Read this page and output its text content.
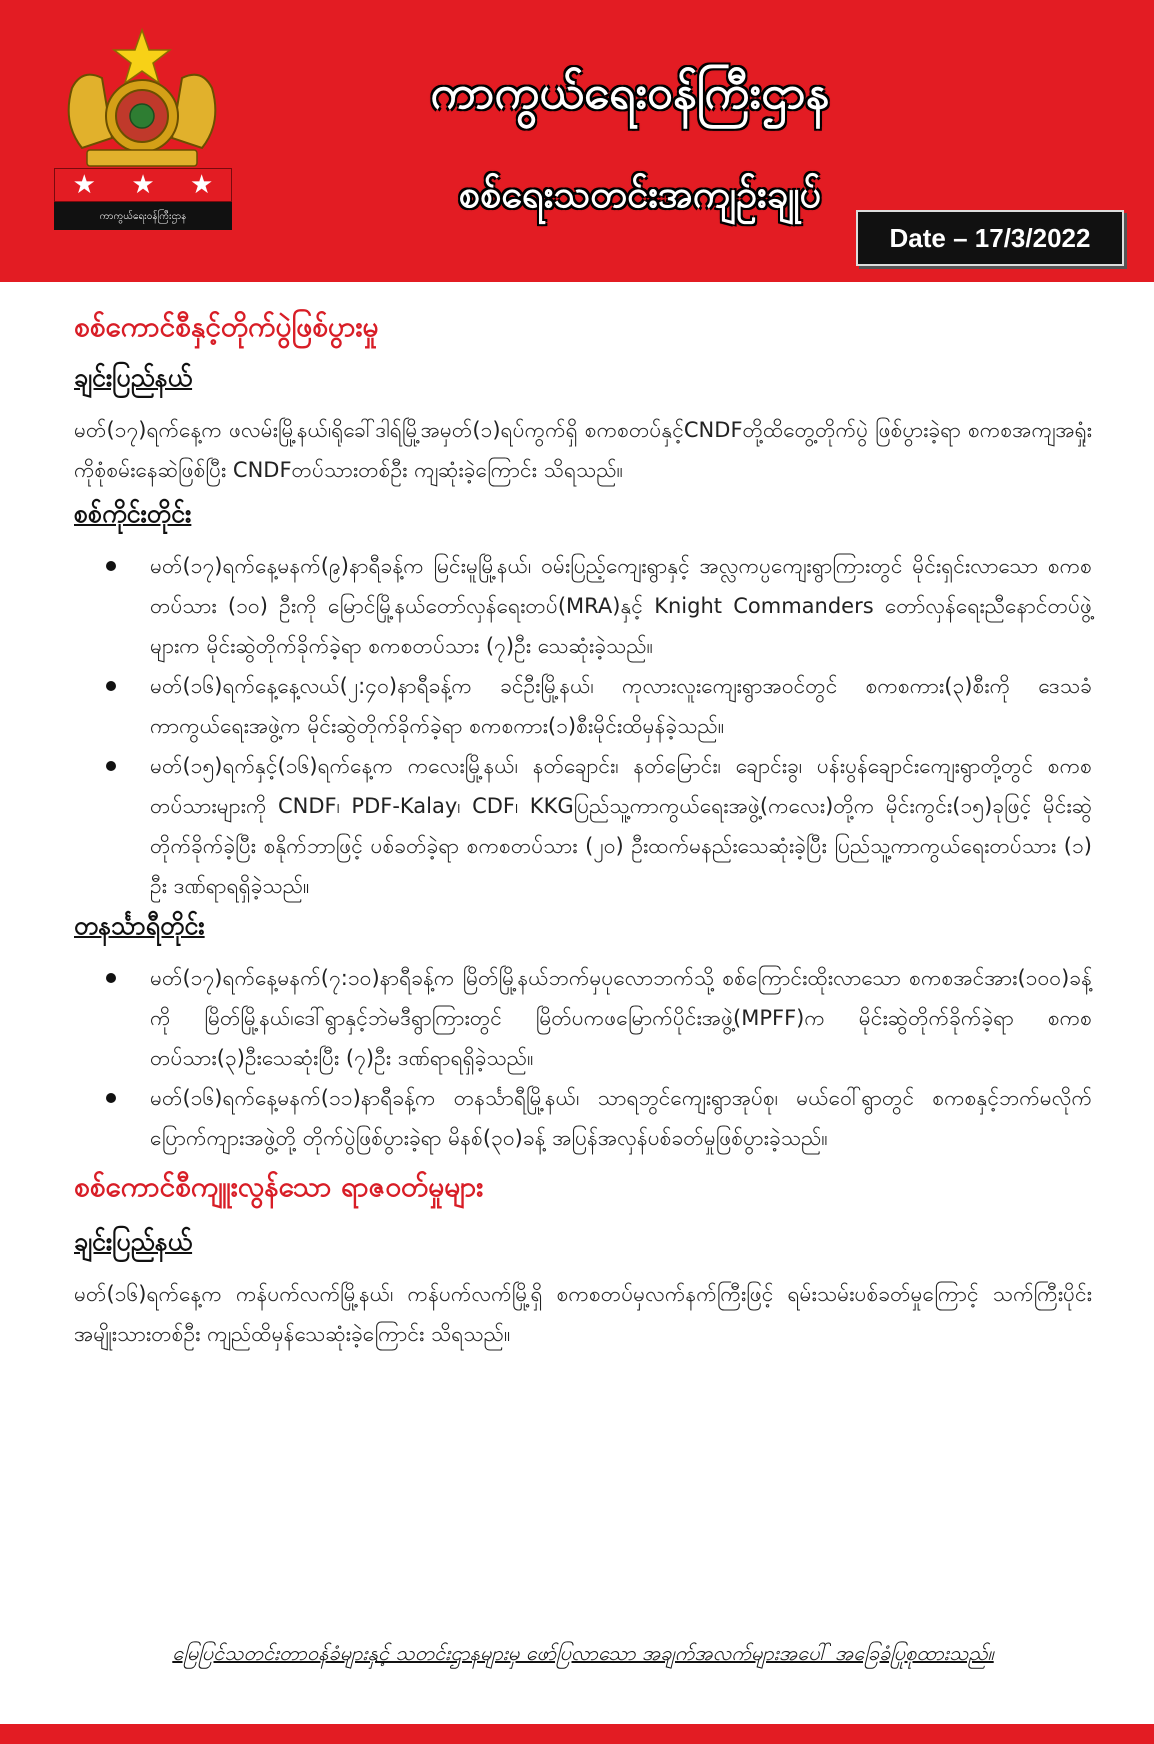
★ ★ ★
ကာကွယ်ရေးဝန်ကြီးဌာန
ကာကွယ်ရေးဝန်ကြီးဌာန
စစ်ရေးသတင်းအကျဉ်းချုပ်
Date – 17/3/2022
စစ်ကောင်စီနှင့်တိုက်ပွဲဖြစ်ပွားမှု
ချင်းပြည်နယ်

မတ်(၁၇)ရက်နေ့က ဖလမ်းမြို့နယ်၊ရိုခေါ်ဒါရ်မြို့အမှတ်(၁)ရပ်ကွက်ရှိ စကစတပ်နှင့်CNDFတို့ထိတွေ့တိုက်ပွဲ ဖြစ်ပွားခဲ့ရာ စကစအကျအရှုံးကိုစုံစမ်းနေဆဲဖြစ်ပြီး CNDFတပ်သားတစ်ဦး ကျဆုံးခဲ့ကြောင်း သိရသည်။

စစ်ကိုင်းတိုင်း
မတ်(၁၇)ရက်နေ့မနက်(၉)နာရီခန့်က မြင်းမူမြို့နယ်၊ ဝမ်းပြည့်ကျေးရွာနှင့် အလ္လကပ္ပကျေးရွာကြားတွင် မိုင်းရှင်းလာသော စကစတပ်သား (၁၀) ဦးကို မြောင်မြို့နယ်တော်လှန်ရေးတပ်(MRA)နှင့် Knight Commanders တော်လှန်ရေးညီနောင်တပ်ဖွဲ့များက မိုင်းဆွဲတိုက်ခိုက်ခဲ့ရာ စကစတပ်သား (၇)ဦး သေဆုံးခဲ့သည်။
မတ်(၁၆)ရက်နေ့နေ့လယ်(၂:၄၀)နာရီခန့်က ခင်ဦးမြို့နယ်၊ ကုလားလူးကျေးရွာအဝင်တွင် စကစကား(၃)စီးကို ဒေသခံကာကွယ်ရေးအဖွဲ့က မိုင်းဆွဲတိုက်ခိုက်ခဲ့ရာ စကစကား(၁)စီးမိုင်းထိမှန်ခဲ့သည်။
မတ်(၁၅)ရက်နှင့်(၁၆)ရက်နေ့က ကလေးမြို့နယ်၊ နတ်ချောင်း၊ နတ်မြောင်း၊ ချောင်းခွ၊ ပန်းပွန်ချောင်းကျေးရွာတို့တွင် စကစတပ်သားများကို CNDF၊ PDF-Kalay၊ CDF၊ KKGပြည်သူ့ကာကွယ်ရေးအဖွဲ့(ကလေး)တို့က မိုင်းကွင်း(၁၅)ခုဖြင့် မိုင်းဆွဲတိုက်ခိုက်ခဲ့ပြီး စနိုက်ဘာဖြင့် ပစ်ခတ်ခဲ့ရာ စကစတပ်သား (၂၀) ဦးထက်မနည်းသေဆုံးခဲ့ပြီး ပြည်သူ့ကာကွယ်ရေးတပ်သား (၁) ဦး ဒဏ်ရာရရှိခဲ့သည်။
တနင်္သာရီတိုင်း
မတ်(၁၇)ရက်နေ့မနက်(၇:၁၀)နာရီခန့်က မြိတ်မြို့နယ်ဘက်မှပုလောဘက်သို့ စစ်ကြောင်းထိုးလာသော စကစအင်အား(၁၀၀)ခန့်ကို မြိတ်မြို့နယ်၊ဒေါ်ရွာနှင့်ဘဲမဒီရွာကြားတွင် မြိတ်ပကဖမြောက်ပိုင်းအဖွဲ့(MPFF)က မိုင်းဆွဲတိုက်ခိုက်ခဲ့ရာ စကစတပ်သား(၃)ဦးသေဆုံးပြီး (၇)ဦး ဒဏ်ရာရရှိခဲ့သည်။
မတ်(၁၆)ရက်နေ့မနက်(၁၁)နာရီခန့်က တနင်္သာရီမြို့နယ်၊ သာရဘွင်ကျေးရွာအုပ်စု၊ မယ်ဝေါ်ရွာတွင် စကစနှင့်ဘက်မလိုက်ပြောက်ကျားအဖွဲ့တို့ တိုက်ပွဲဖြစ်ပွားခဲ့ရာ မိနစ်(၃၀)ခန့် အပြန်အလှန်ပစ်ခတ်မှုဖြစ်ပွားခဲ့သည်။
စစ်ကောင်စီကျူးလွန်သော ရာဇဝတ်မှုများ
ချင်းပြည်နယ်

မတ်(၁၆)ရက်နေ့က ကန်ပက်လက်မြို့နယ်၊ ကန်ပက်လက်မြို့ရှိ စကစတပ်မှလက်နက်ကြီးဖြင့် ရမ်းသမ်းပစ်ခတ်မှုကြောင့် သက်ကြီးပိုင်း အမျိုးသားတစ်ဦး ကျည်ထိမှန်သေဆုံးခဲ့ကြောင်း သိရသည်။

မြေပြင်သတင်းတာဝန်ခံများနှင့် သတင်းဌာနများမှ ဖော်ပြလာသော အချက်အလက်များအပေါ် အခြေခံပြုစုထားသည်။
